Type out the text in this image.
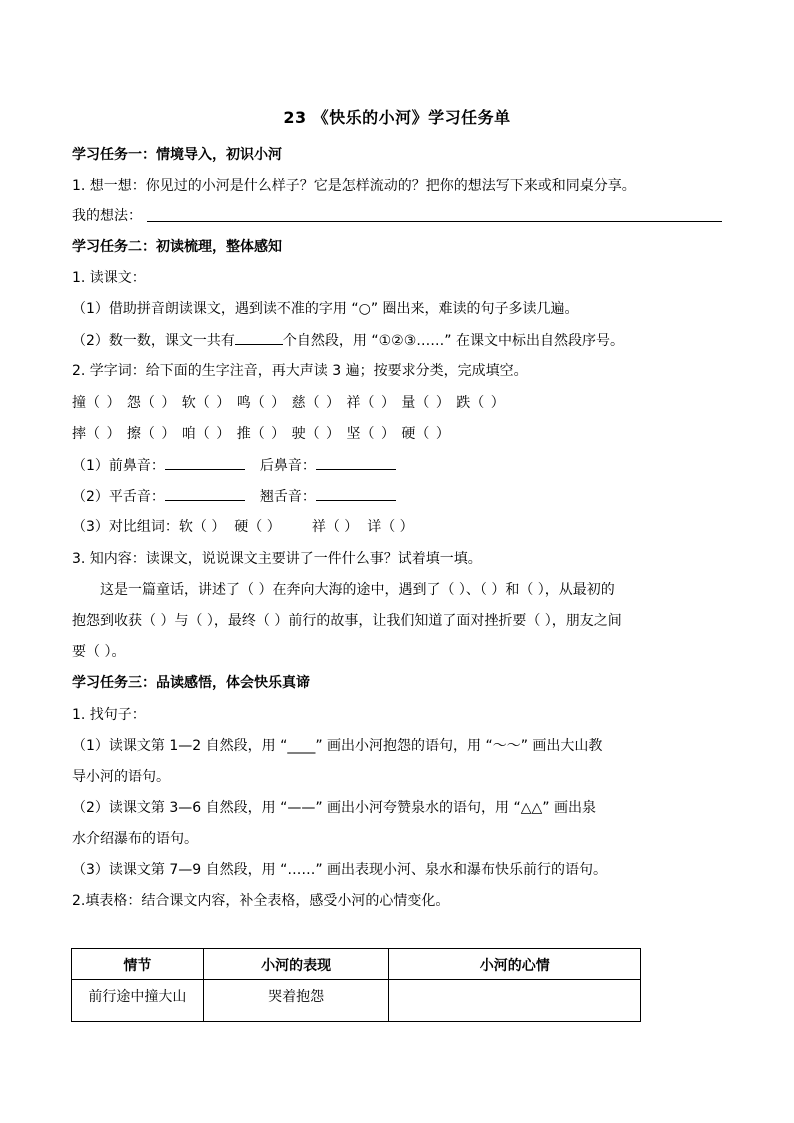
23 《快乐的小河》学习任务单
学习任务一：情境导入，初识小河
1. 想一想：你见过的小河是什么样子？它是怎样流动的？把你的想法写下来或和同桌分享。
我的想法：
学习任务二：初读梳理，整体感知
1. 读课文：
（1）借助拼音朗读课文，遇到读不准的字用 “○” 圈出来，难读的句子多读几遍。
（2）数一数，课文一共有	个自然段，用 “①②③……” 在课文中标出自然段序号。
2. 学字词：给下面的生字注音，再大声读 3 遍；按要求分类，完成填空。
撞（ ） 怨（ ） 软（ ） 鸣（ ） 慈（ ） 祥（ ） 量（ ） 跌（ ）
摔（ ） 擦（ ） 咱（ ） 推（ ） 驶（ ） 坚（ ） 硬（ ）
（1）前鼻音：	后鼻音：
（2）平舌音：	翘舌音：
（3）对比组词：软（ ）  硬（ ）       祥（ ）  详（ ）
3. 知内容：读课文，说说课文主要讲了一件什么事？试着填一填。
这是一篇童话，讲述了（ ）在奔向大海的途中，遇到了（ ）、（ ）和（ ），从最初的
抱怨到收获（ ）与（ ），最终（ ）前行的故事，让我们知道了面对挫折要（ ），朋友之间
要（ ）。
学习任务三：品读感悟，体会快乐真谛
1. 找句子：
（1）读课文第 1—2 自然段，用 “____” 画出小河抱怨的语句，用 “～～” 画出大山教
导小河的语句。
（2）读课文第 3—6 自然段，用 “——” 画出小河夸赞泉水的语句，用 “△△” 画出泉
水介绍瀑布的语句。
（3）读课文第 7—9 自然段，用 “……” 画出表现小河、泉水和瀑布快乐前行的语句。
2.填表格：结合课文内容，补全表格，感受小河的心情变化。
情节	小河的表现	小河的心情
前行途中撞大山	哭着抱怨	
